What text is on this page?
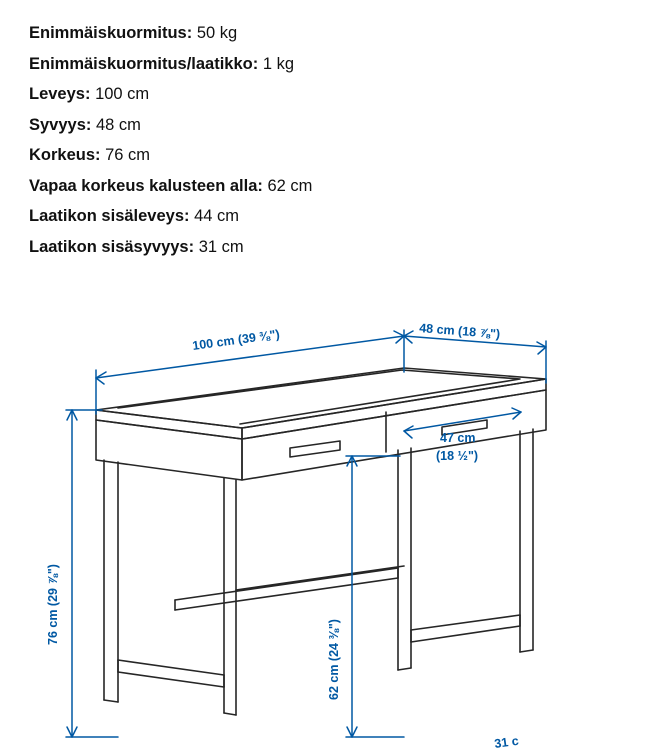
Enimmäiskuormitus: 50 kg
Enimmäiskuormitus/laatikko: 1 kg
Leveys: 100 cm
Syvyys: 48 cm
Korkeus: 76 cm
Vapaa korkeus kalusteen alla: 62 cm
Laatikon sisäleveys: 44 cm
Laatikon sisäsyvyys: 31 cm
100 cm (39 ⅜")	48 cm (18 ⅞")
47 cm
(18 ½")
76 cm (29 ⅞")
62 cm (24 ⅜")
31 c
